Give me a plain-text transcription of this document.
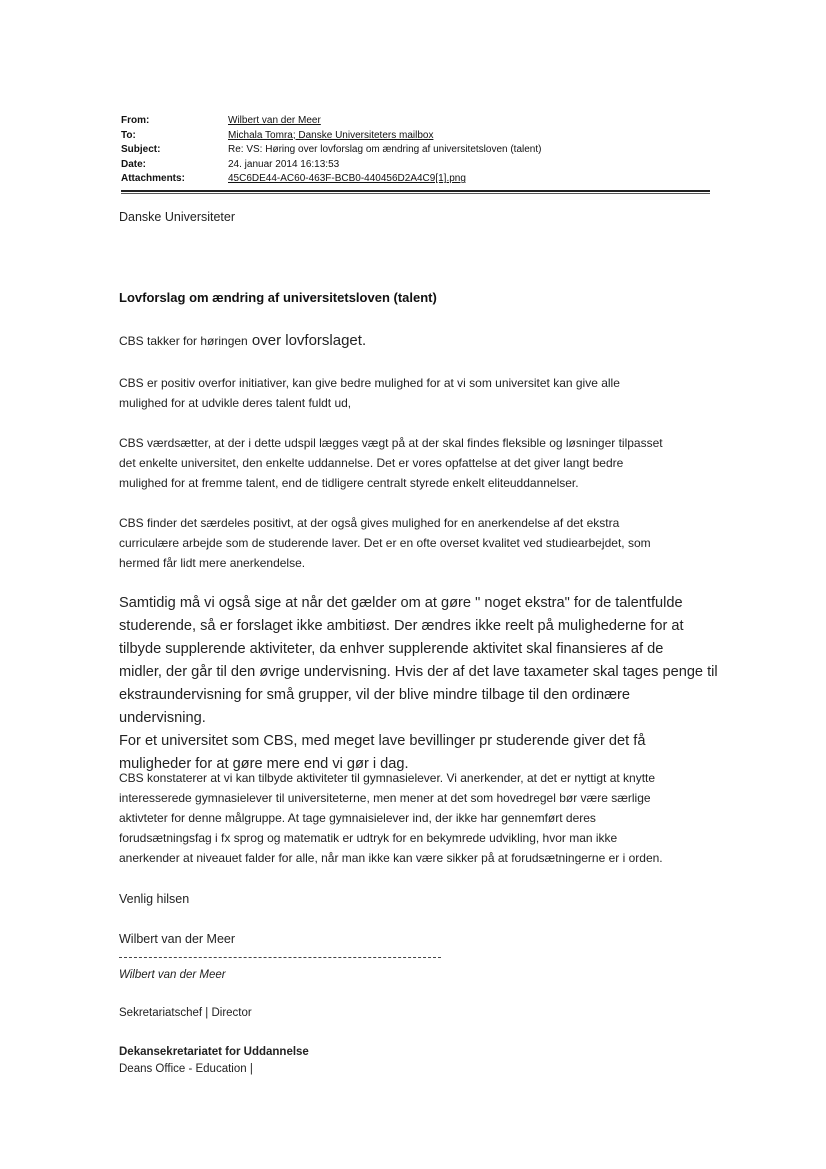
From:	Wilbert van der Meer
To:	Michala Tomra; Danske Universiteters mailbox
Subject:	Re: VS: Høring over lovforslag om ændring af universitetsloven (talent)
Date:	24. januar 2014 16:13:53
Attachments:	45C6DE44-AC60-463F-BCB0-440456D2A4C9[1].png
Danske Universiteter
Lovforslag om ændring af universitetsloven (talent)
CBS takker for høringen over lovforslaget.
CBS er positiv overfor initiativer, kan give bedre mulighed for at vi som universitet kan give alle
mulighed for at udvikle deres talent fuldt ud,
CBS værdsætter, at der i dette udspil lægges vægt på at der skal findes fleksible og løsninger tilpasset
det enkelte universitet, den enkelte uddannelse. Det er vores opfattelse at det giver langt bedre
mulighed for at fremme talent, end de tidligere centralt styrede enkelt eliteuddannelser.
CBS finder det særdeles positivt, at der også gives mulighed for en anerkendelse af det ekstra
curriculære arbejde som de studerende laver. Det er en ofte overset kvalitet ved studiearbejdet, som
hermed får lidt mere anerkendelse.
Samtidig må vi også sige at når det gælder om at gøre " noget ekstra" for de talentfulde
studerende, så er forslaget ikke ambitiøst. Der ændres ikke reelt på mulighederne for at
tilbyde supplerende aktiviteter, da enhver supplerende aktivitet skal finansieres af de
midler, der går til den øvrige undervisning. Hvis der af det lave taxameter skal tages penge til
ekstraundervisning for små grupper, vil der blive mindre tilbage til den ordinære undervisning.
For et universitet som CBS, med meget lave bevillinger pr studerende giver det få
muligheder for at gøre mere end vi gør i dag.
CBS konstaterer at vi kan tilbyde aktiviteter til gymnasielever. Vi anerkender, at det er nyttigt at knytte
interesserede gymnasielever til universiteterne, men mener at det som hovedregel bør være særlige
aktivteter for denne målgruppe. At tage gymnaisielever ind, der ikke har gennemført deres
forudsætningsfag i fx sprog og matematik er udtryk for en bekymrede udvikling, hvor man ikke
anerkender at niveauet falder for alle, når man ikke kan være sikker på at forudsætningerne er i orden.
Venlig hilsen
Wilbert van der Meer
Wilbert van der Meer
Sekretariatschef | Director
Dekansekretariatet for Uddannelse
Deans Office - Education |
